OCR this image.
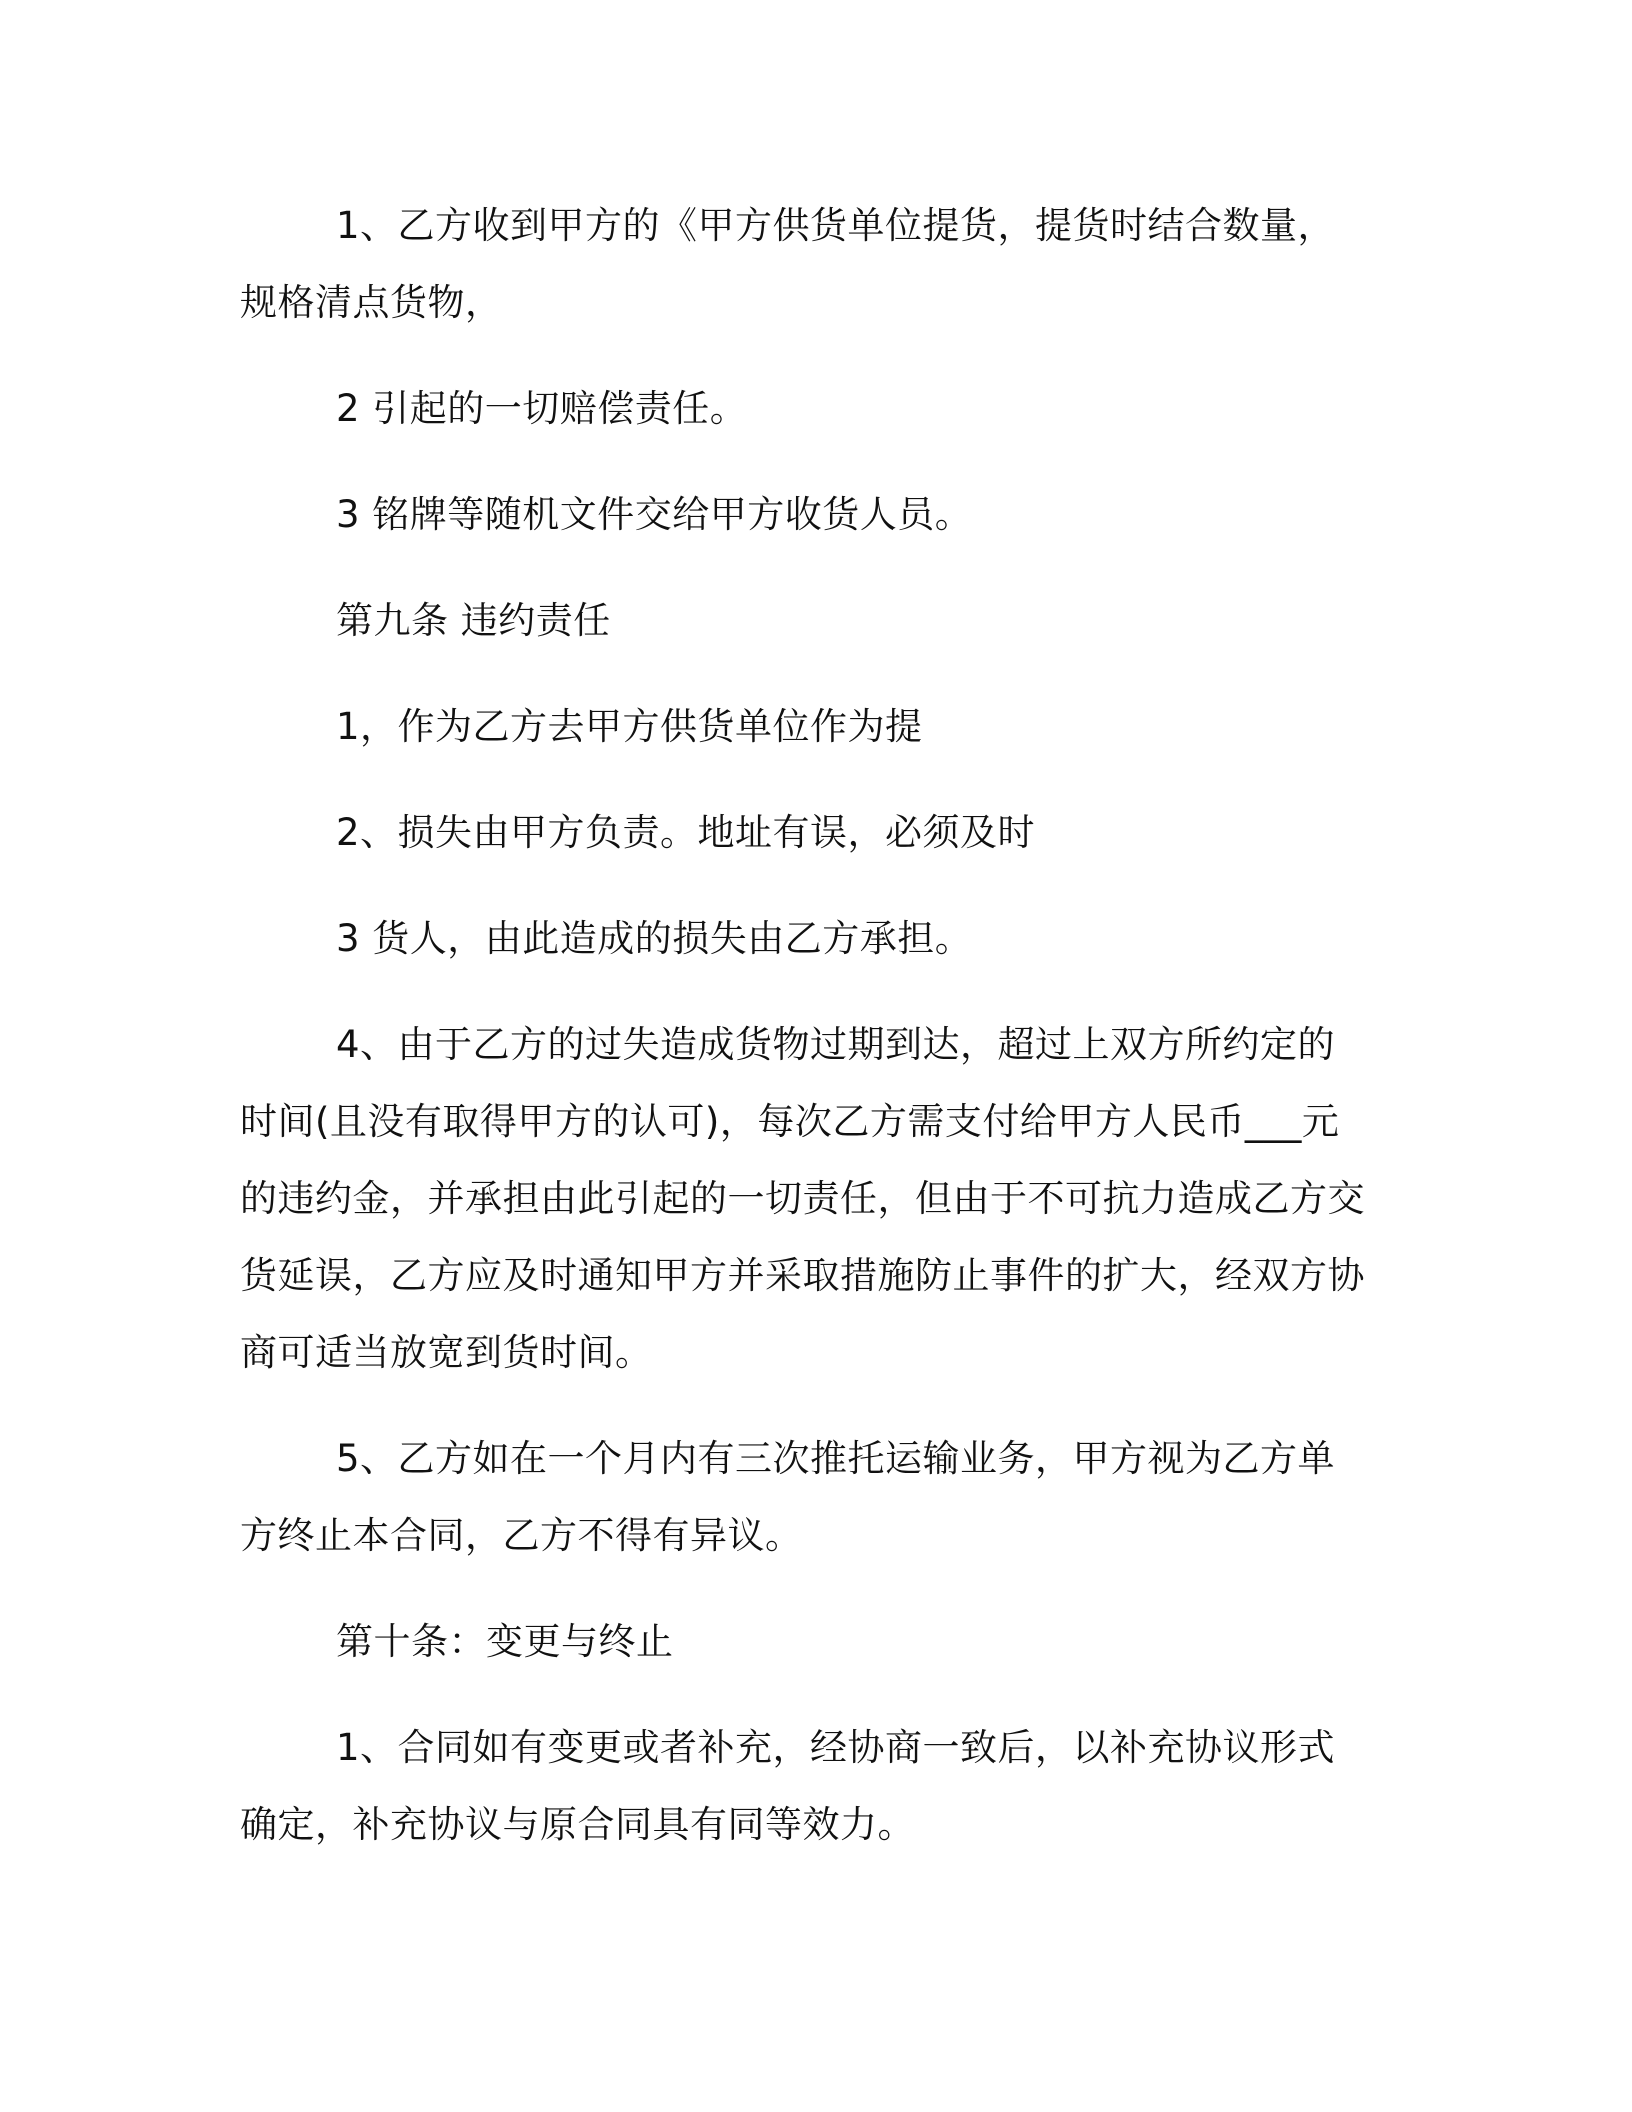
1、乙方收到甲方的《甲方供货单位提货，提货时结合数量，规格清点货物，

2 引起的一切赔偿责任。

3 铭牌等随机文件交给甲方收货人员。

第九条 违约责任

1，作为乙方去甲方供货单位作为提

2、损失由甲方负责。地址有误，必须及时

3 货人，由此造成的损失由乙方承担。

4、由于乙方的过失造成货物过期到达，超过上双方所约定的时间(且没有取得甲方的认可)，每次乙方需支付给甲方人民币___元的违约金，并承担由此引起的一切责任，但由于不可抗力造成乙方交货延误，乙方应及时通知甲方并采取措施防止事件的扩大，经双方协商可适当放宽到货时间。

5、乙方如在一个月内有三次推托运输业务，甲方视为乙方单方终止本合同，乙方不得有异议。

第十条：变更与终止

1、合同如有变更或者补充，经协商一致后，以补充协议形式确定，补充协议与原合同具有同等效力。
